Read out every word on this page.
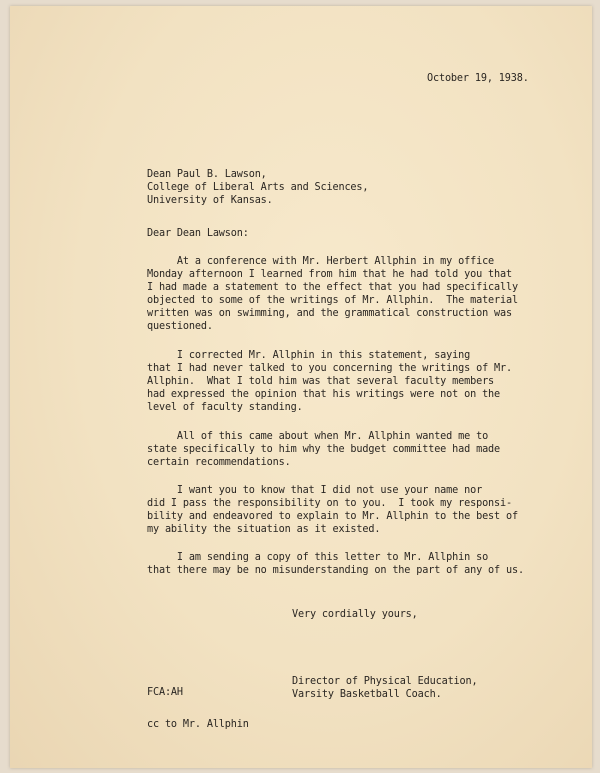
October 19, 1938.
Dean Paul B. Lawson,
College of Liberal Arts and Sciences,
University of Kansas.
Dear Dean Lawson:
At a conference with Mr. Herbert Allphin in my office
Monday afternoon I learned from him that he had told you that
I had made a statement to the effect that you had specifically
objected to some of the writings of Mr. Allphin.  The material
written was on swimming, and the grammatical construction was
questioned.
I corrected Mr. Allphin in this statement, saying
that I had never talked to you concerning the writings of Mr.
Allphin.  What I told him was that several faculty members
had expressed the opinion that his writings were not on the
level of faculty standing.
All of this came about when Mr. Allphin wanted me to
state specifically to him why the budget committee had made
certain recommendations.
I want you to know that I did not use your name nor
did I pass the responsibility on to you.  I took my responsi-
bility and endeavored to explain to Mr. Allphin to the best of
my ability the situation as it existed.
I am sending a copy of this letter to Mr. Allphin so
that there may be no misunderstanding on the part of any of us.
Very cordially yours,
Director of Physical Education,
Varsity Basketball Coach.
FCA:AH
cc to Mr. Allphin
